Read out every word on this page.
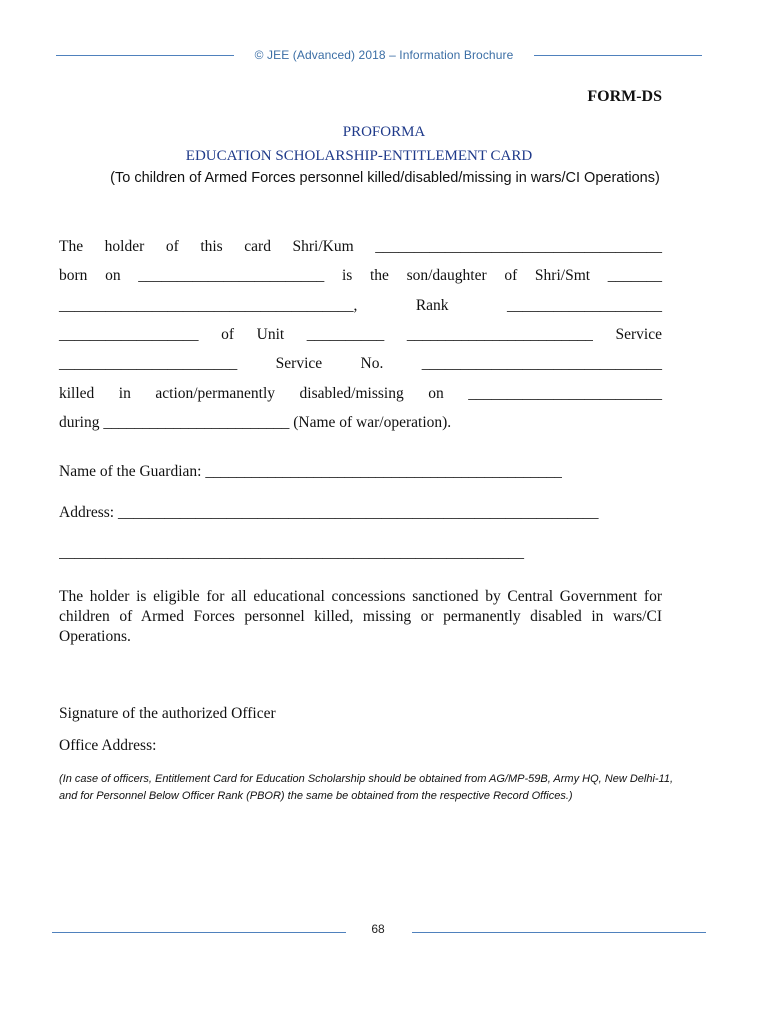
© JEE (Advanced) 2018 – Information Brochure
FORM-DS
PROFORMA
EDUCATION SCHOLARSHIP-ENTITLEMENT CARD
(To children of Armed Forces personnel killed/disabled/missing in wars/CI Operations)
The holder of this card Shri/Kum _____________________________________
born on ________________________ is the son/daughter of Shri/Smt _______
______________________________________, Rank ____________________
__________________ of Unit __________ ________________________ Service
_______________________ Service No. _______________________________
killed in action/permanently disabled/missing on _________________________
during ________________________ (Name of war/operation).
Name of the Guardian: ______________________________________________
Address: ______________________________________________________________
____________________________________________________________
The holder is eligible for all educational concessions sanctioned by Central Government for children of Armed Forces personnel killed, missing or permanently disabled in wars/CI Operations.
Signature of the authorized Officer
Office Address:
(In case of officers, Entitlement Card for Education Scholarship should be obtained from AG/MP-59B, Army HQ, New Delhi-11, and for Personnel Below Officer Rank (PBOR) the same be obtained from the respective Record Offices.)
68
